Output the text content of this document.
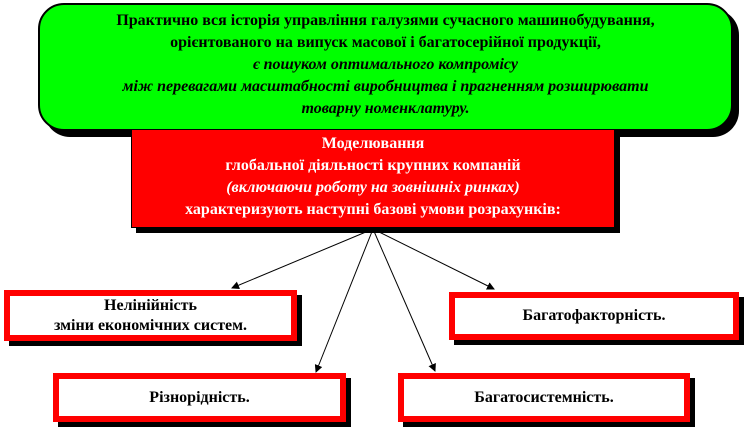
Практично вся історія управління галузями сучасного машинобудування,
орієнтованого на випуск масової і багатосерійної продукції,
є пошуком оптимального компромісу
між перевагами масштабності виробництва і прагненням розширювати
товарну номенклатуру.
Моделювання
глобальної діяльності крупних компаній
(включаючи роботу на зовнішніх ринках)
характеризують наступні базові умови розрахунків:
Нелінійність
зміни економічних систем.
Багатофакторність.
Різнорідність.	Багатосистемність.
